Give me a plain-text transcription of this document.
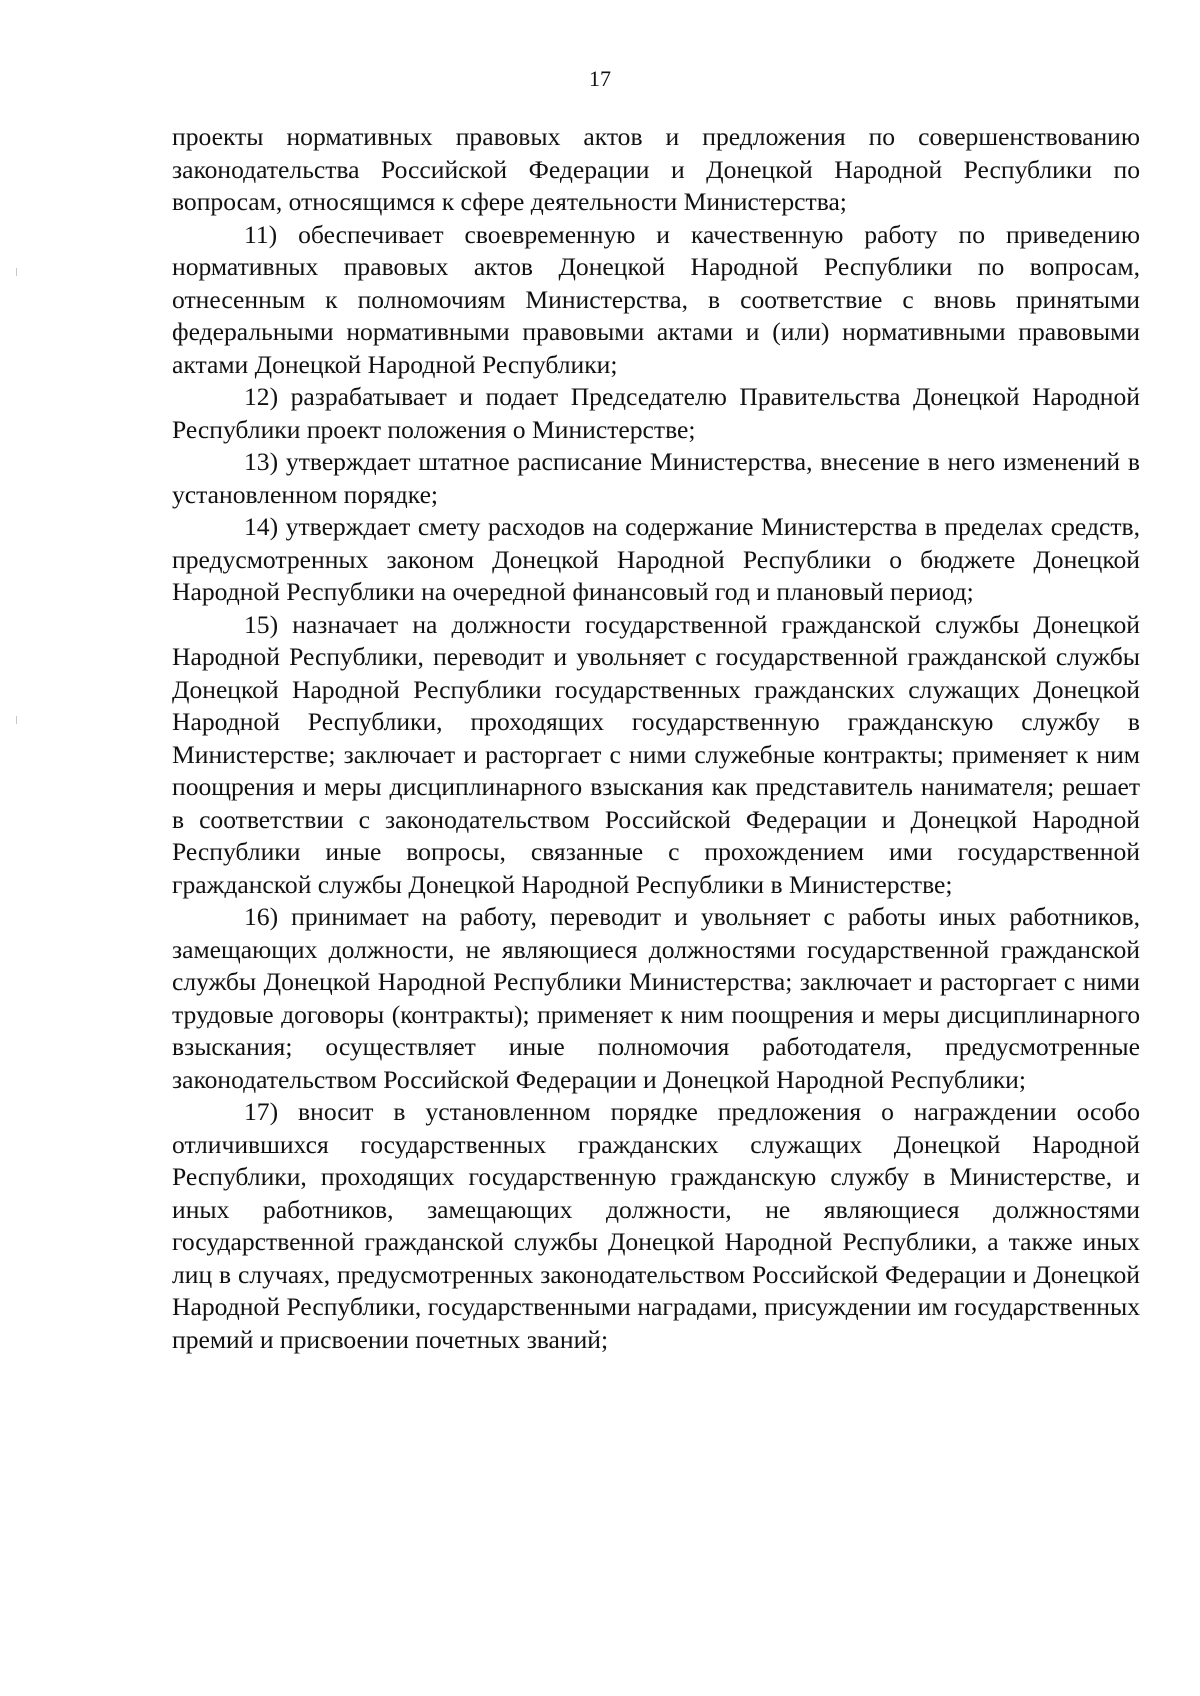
17

проекты нормативных правовых актов и предложения по совершенствованию законодательства Российской Федерации и Донецкой Народной Республики по вопросам, относящимся к сфере деятельности Министерства;

11) обеспечивает своевременную и качественную работу по приведению нормативных правовых актов Донецкой Народной Республики по вопросам, отнесенным к полномочиям Министерства, в соответствие с вновь принятыми федеральными нормативными правовыми актами и (или) нормативными правовыми актами Донецкой Народной Республики;

12) разрабатывает и подает Председателю Правительства Донецкой Народной Республики проект положения о Министерстве;

13) утверждает штатное расписание Министерства, внесение в него изменений в установленном порядке;

14) утверждает смету расходов на содержание Министерства в пределах средств, предусмотренных законом Донецкой Народной Республики о бюджете Донецкой Народной Республики на очередной финансовый год и плановый период;

15) назначает на должности государственной гражданской службы Донецкой Народной Республики, переводит и увольняет с государственной гражданской службы Донецкой Народной Республики государственных гражданских служащих Донецкой Народной Республики, проходящих государственную гражданскую службу в Министерстве; заключает и расторгает с ними служебные контракты; применяет к ним поощрения и меры дисциплинарного взыскания как представитель нанимателя; решает в соответствии с законодательством Российской Федерации и Донецкой Народной Республики иные вопросы, связанные с прохождением ими государственной гражданской службы Донецкой Народной Республики в Министерстве;

16) принимает на работу, переводит и увольняет с работы иных работников, замещающих должности, не являющиеся должностями государственной гражданской службы Донецкой Народной Республики Министерства; заключает и расторгает с ними трудовые договоры (контракты); применяет к ним поощрения и меры дисциплинарного взыскания; осуществляет иные полномочия работодателя, предусмотренные законодательством Российской Федерации и Донецкой Народной Республики;

17) вносит в установленном порядке предложения о награждении особо отличившихся государственных гражданских служащих Донецкой Народной Республики, проходящих государственную гражданскую службу в Министерстве, и иных работников, замещающих должности, не являющиеся должностями государственной гражданской службы Донецкой Народной Республики, а также иных лиц в случаях, предусмотренных законодательством Российской Федерации и Донецкой Народной Республики, государственными наградами, присуждении им государственных премий и присвоении почетных званий;
